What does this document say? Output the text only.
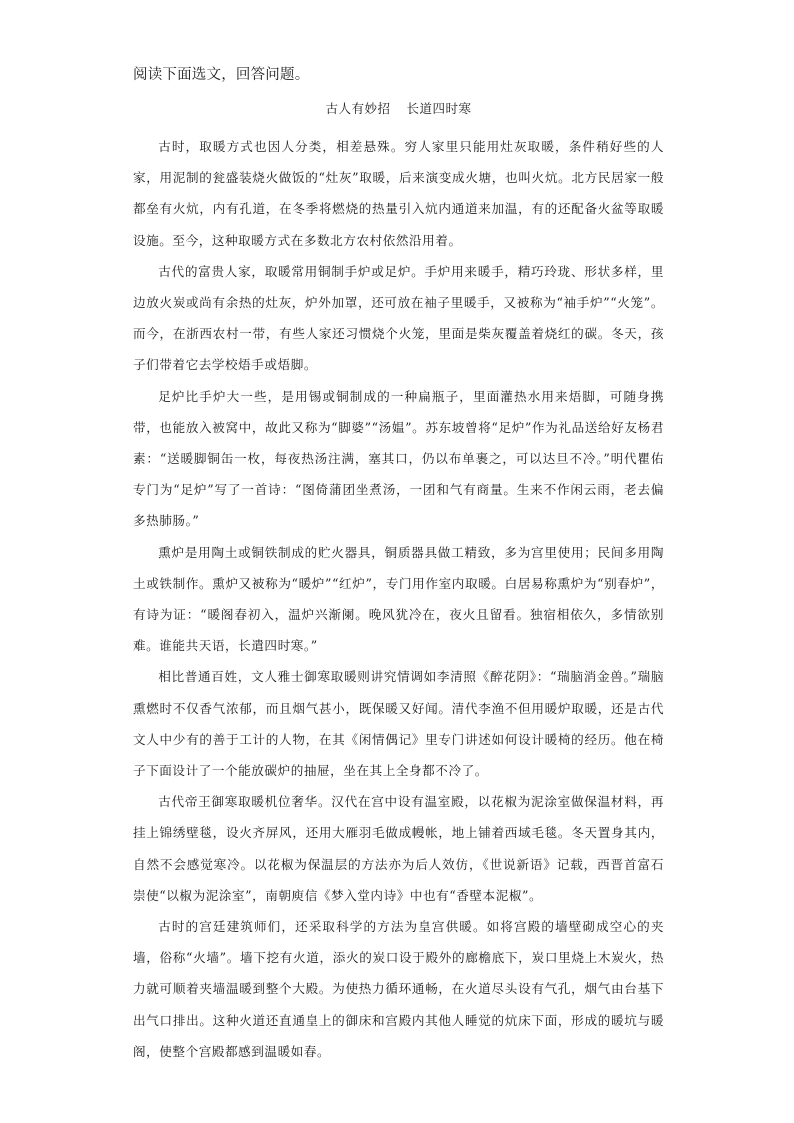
阅读下面选文，回答问题。

古人有妙招 长道四时寒

古时，取暖方式也因人分类，相差悬殊。穷人家里只能用灶灰取暖，条件稍好些的人家，用泥制的瓮盛装烧火做饭的“灶灰”取暖，后来演变成火塘，也叫火炕。北方民居家一般都垒有火炕，内有孔道，在冬季将燃烧的热量引入炕内通道来加温，有的还配备火盆等取暖设施。至今，这种取暖方式在多数北方农村依然沿用着。

古代的富贵人家，取暖常用铜制手炉或足炉。手炉用来暖手，精巧玲珑、形状多样，里边放火炭或尚有余热的灶灰，炉外加罩，还可放在袖子里暖手，又被称为“袖手炉”“火笼”。而今，在浙西农村一带，有些人家还习惯烧个火笼，里面是柴灰覆盖着烧红的碳。冬天，孩子们带着它去学校焐手或焐脚。

足炉比手炉大一些，是用锡或铜制成的一种扁瓶子，里面灌热水用来焐脚，可随身携带，也能放入被窝中，故此又称为“脚婆”“汤媪”。苏东坡曾将“足炉”作为礼品送给好友杨君素：“送暖脚铜缶一枚，每夜热汤注满，塞其口，仍以布单裹之，可以达旦不冷。”明代瞿佑专门为“足炉”写了一首诗：“图倚蒲团坐煮汤，一团和气有商量。生来不作闲云雨，老去偏多热肺肠。”

熏炉是用陶土或铜铁制成的贮火器具，铜质器具做工精致，多为宫里使用；民间多用陶土或铁制作。熏炉又被称为“暖炉”“红炉”，专门用作室内取暖。白居易称熏炉为“别春炉”，有诗为证：“暖阁春初入，温炉兴渐阑。晚风犹冷在，夜火且留看。独宿相依久，多情欲别难。谁能共天语，长遣四时寒。”

相比普通百姓，文人雅士御寒取暖则讲究情调如李清照《醉花阴》：“瑞脑消金兽。”瑞脑熏燃时不仅香气浓郁，而且烟气甚小，既保暖又好闻。清代李渔不但用暖炉取暖，还是古代文人中少有的善于工计的人物，在其《闲情偶记》里专门讲述如何设计暖椅的经历。他在椅子下面设计了一个能放碳炉的抽屉，坐在其上全身都不冷了。

古代帝王御寒取暖机位奢华。汉代在宫中设有温室殿，以花椒为泥涂室做保温材料，再挂上锦绣壁毯，设火齐屏风，还用大雁羽毛做成幔帐，地上铺着西域毛毯。冬天置身其内，自然不会感觉寒冷。以花椒为保温层的方法亦为后人效仿，《世说新语》记载，西晋首富石崇使“以椒为泥涂室”，南朝庾信《梦入堂内诗》中也有“香壁本泥椒”。

古时的宫廷建筑师们，还采取科学的方法为皇宫供暖。如将宫殿的墙壁砌成空心的夹墙，俗称“火墙”。墙下挖有火道，添火的炭口设于殿外的廊檐底下，炭口里烧上木炭火，热力就可顺着夹墙温暖到整个大殿。为使热力循环通畅，在火道尽头设有气孔，烟气由台基下出气口排出。这种火道还直通皇上的御床和宫殿内其他人睡觉的炕床下面，形成的暖坑与暖阁，使整个宫殿都感到温暖如春。
